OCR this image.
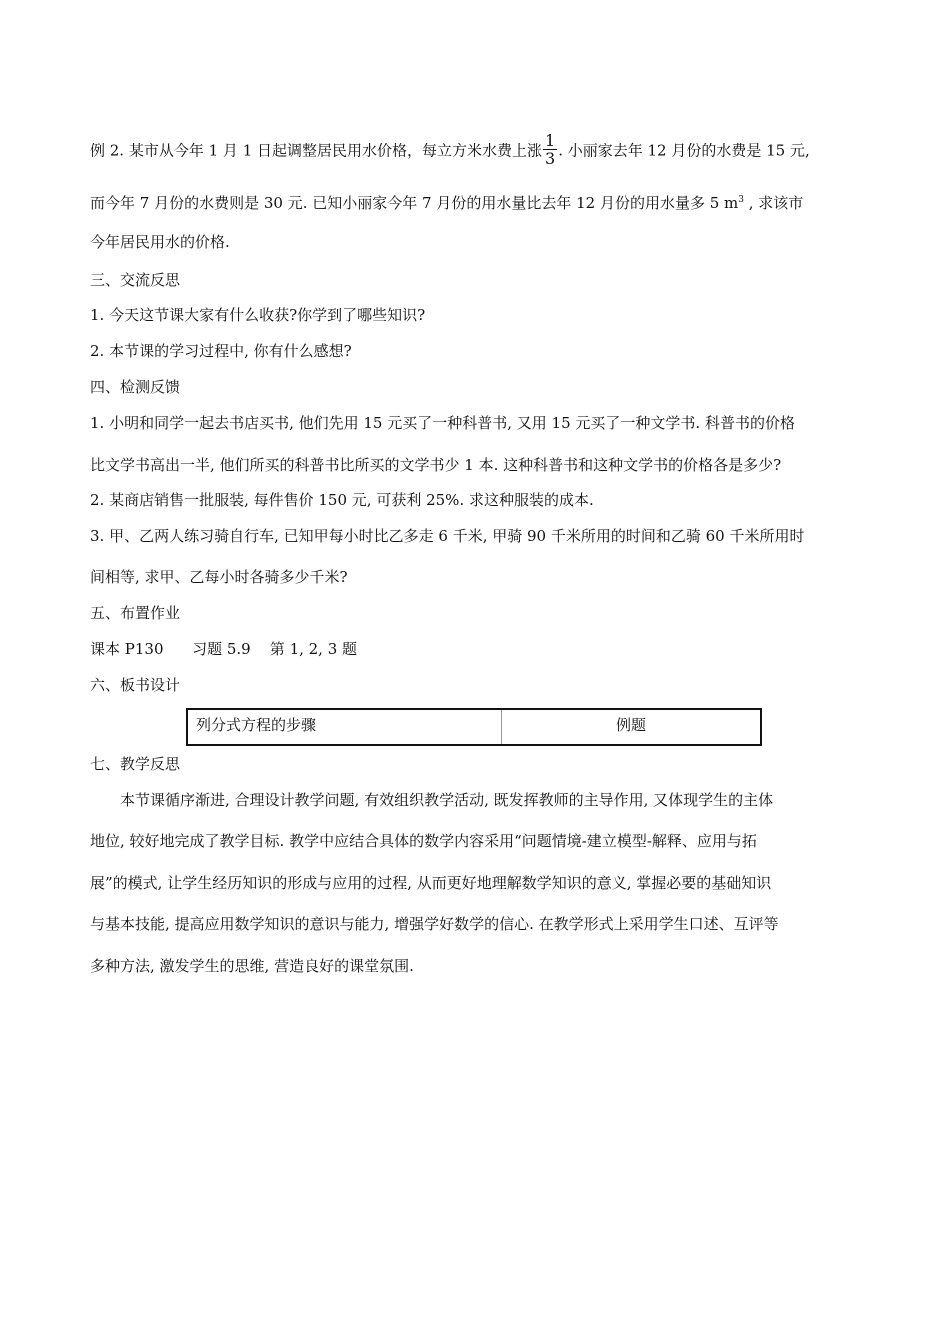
例 2. 某市从今年 1 月 1 日起调整居民用水价格，每立方米水费上涨 $\frac{1}{3}$ . 小丽家去年 12 月份的水费是 15 元,
而今年 7 月份的水费则是 30 元. 已知小丽家今年 7 月份的用水量比去年 12 月份的用水量多 5 $m^3$ , 求该市
今年居民用水的价格.
三、交流反思
1. 今天这节课大家有什么收获?你学到了哪些知识?
2. 本节课的学习过程中, 你有什么感想?
四、检测反馈
1. 小明和同学一起去书店买书, 他们先用 15 元买了一种科普书, 又用 15 元买了一种文学书. 科普书的价格
比文学书高出一半, 他们所买的科普书比所买的文学书少 1 本. 这种科普书和这种文学书的价格各是多少?
2. 某商店销售一批服装, 每件售价 150 元, 可获利 25%. 求这种服装的成本.
3. 甲、乙两人练习骑自行车, 已知甲每小时比乙多走 6 千米, 甲骑 90 千米所用的时间和乙骑 60 千米所用时
间相等, 求甲、乙每小时各骑多少千米?
五、布置作业
课本 P130      习题 5.9    第 1, 2, 3 题
六、板书设计
列分式方程的步骤	例题
七、教学反思
本节课循序渐进, 合理设计教学问题, 有效组织教学活动, 既发挥教师的主导作用, 又体现学生的主体
地位, 较好地完成了教学目标. 教学中应结合具体的数学内容采用“问题情境-建立模型-解释、应用与拓
展”的模式, 让学生经历知识的形成与应用的过程, 从而更好地理解数学知识的意义, 掌握必要的基础知识
与基本技能, 提高应用数学知识的意识与能力, 增强学好数学的信心. 在教学形式上采用学生口述、互评等
多种方法, 激发学生的思维, 营造良好的课堂氛围.
